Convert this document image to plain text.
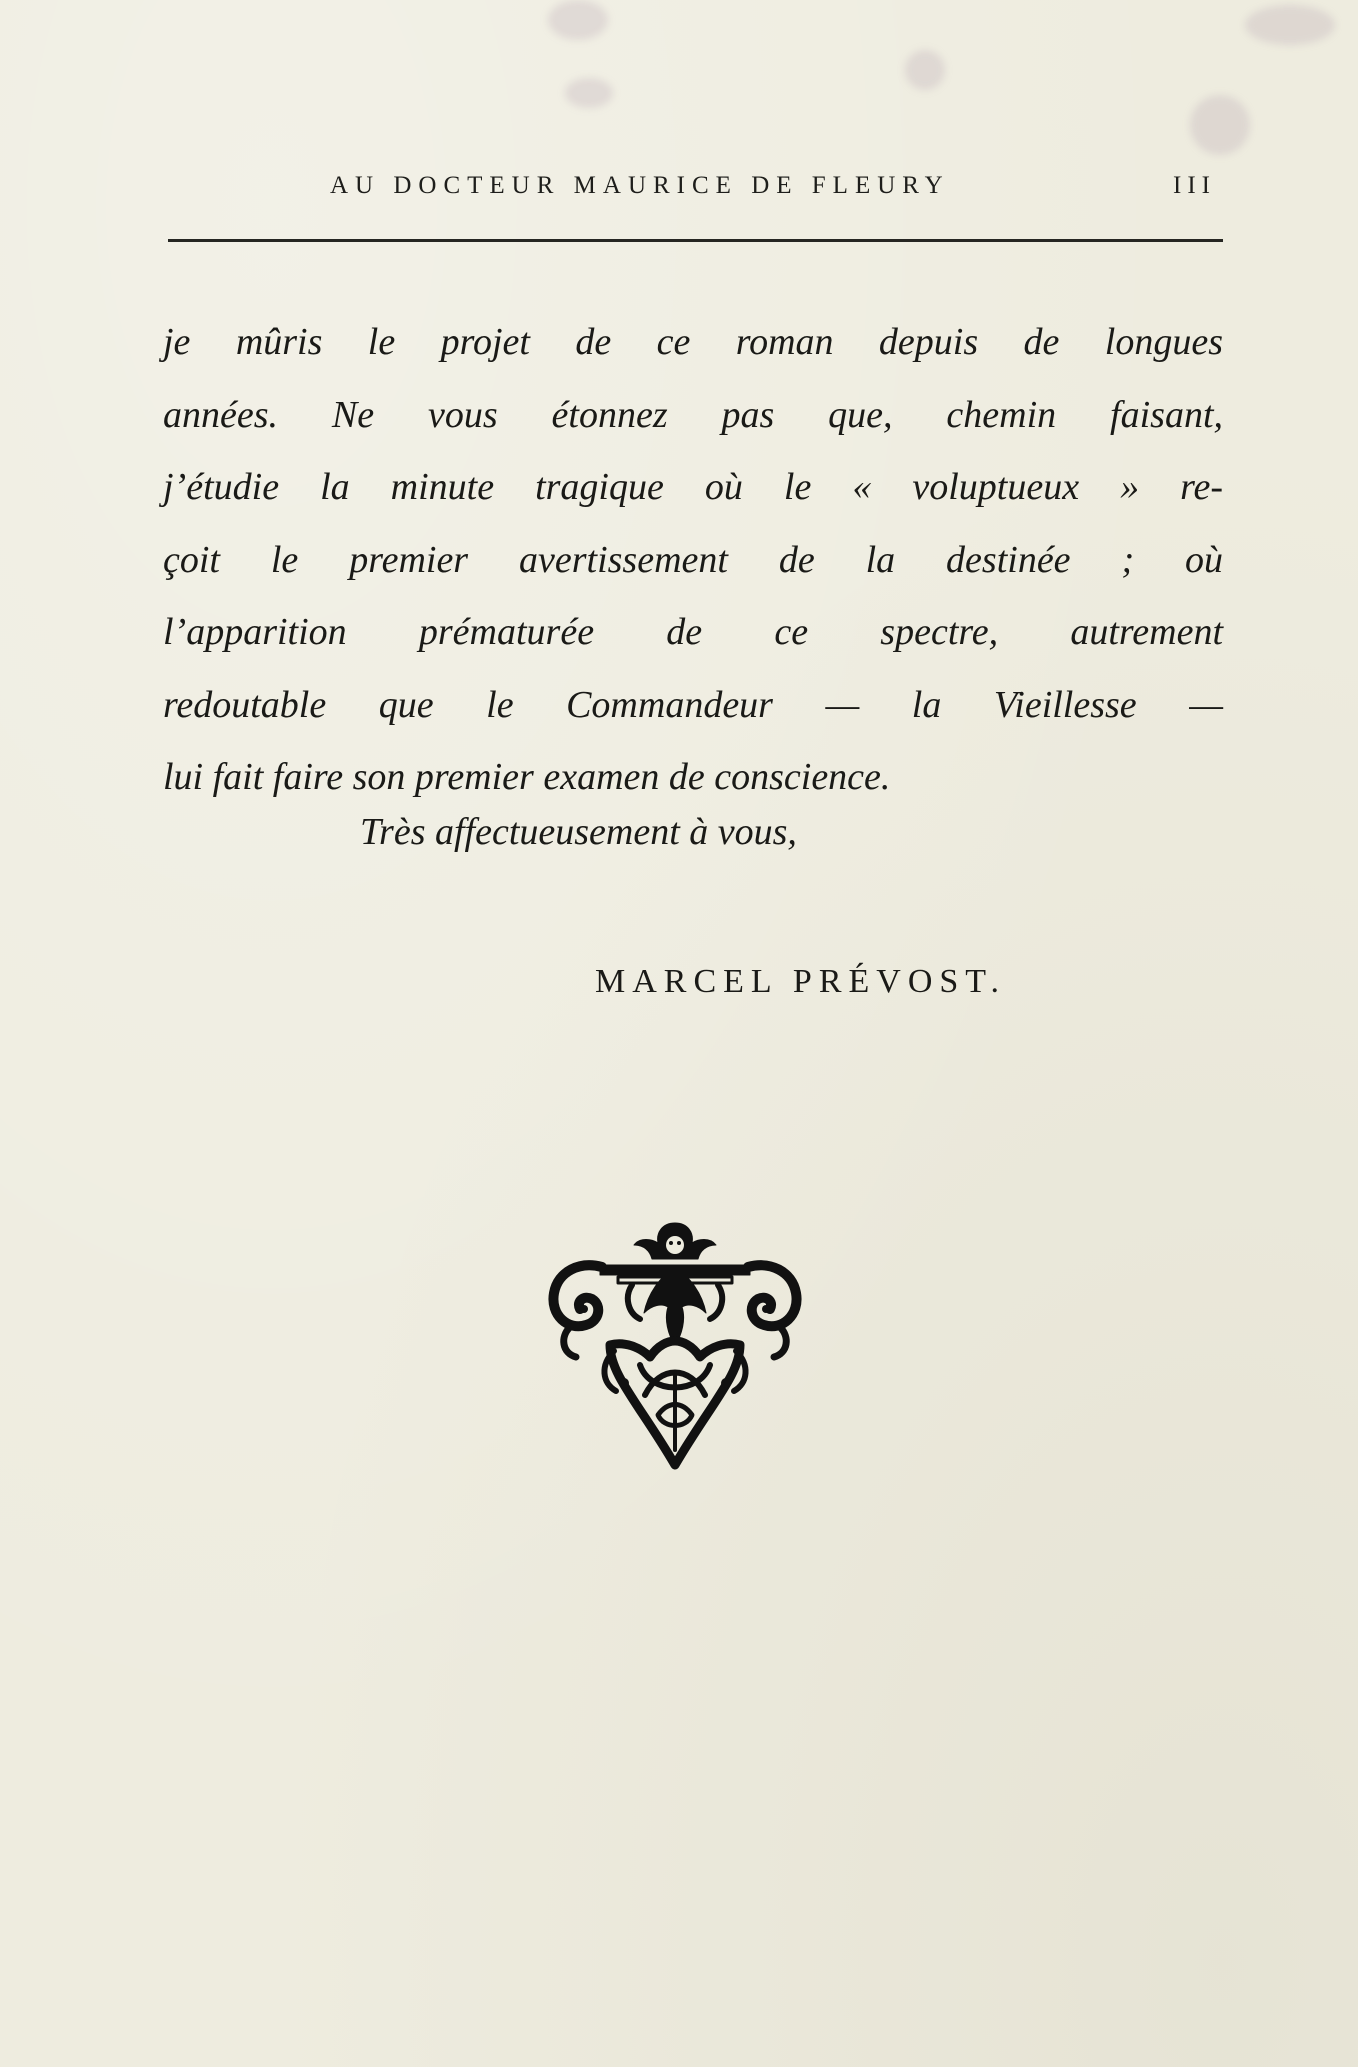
AU DOCTEUR MAURICE DE FLEURY	III
je mûris le projet de ce roman depuis de longues
années. Ne vous étonnez pas que, chemin faisant,
j’étudie la minute tragique où le « voluptueux » re-
çoit le premier avertissement de la destinée ; où
l’apparition prématurée de ce spectre, autrement
redoutable que le Commandeur — la Vieillesse —
lui fait faire son premier examen de conscience.
Très affectueusement à vous,
MARCEL PRÉVOST.
